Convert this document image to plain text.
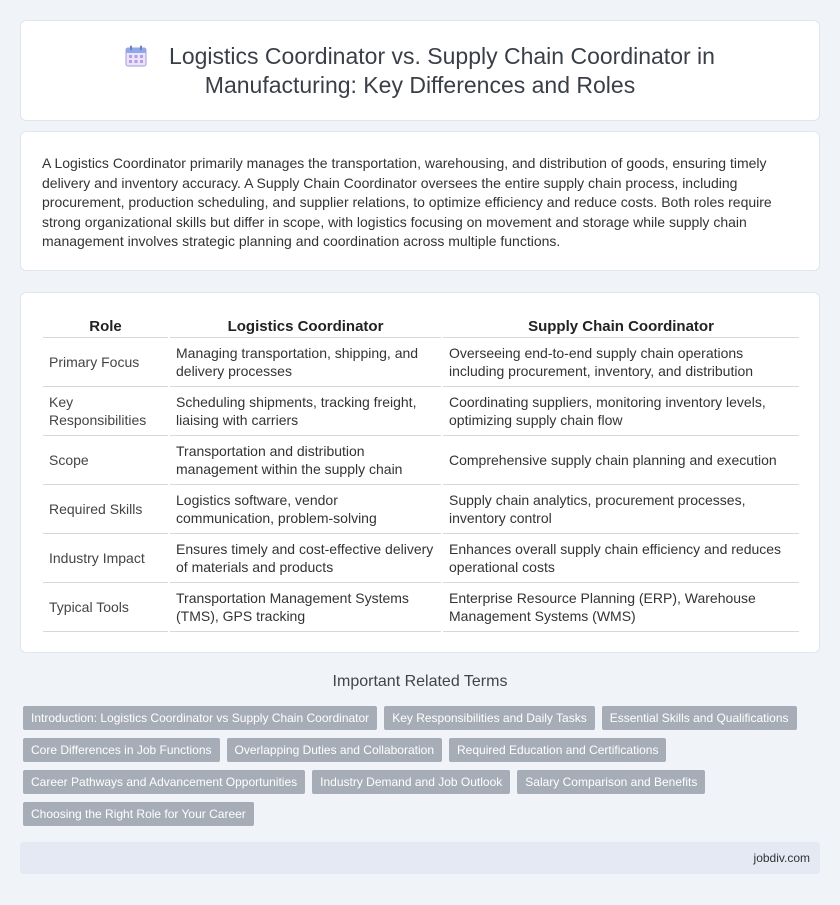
Logistics Coordinator vs. Supply Chain Coordinator in Manufacturing: Key Differences and Roles

A Logistics Coordinator primarily manages the transportation, warehousing, and distribution of goods, ensuring timely delivery and inventory accuracy. A Supply Chain Coordinator oversees the entire supply chain process, including procurement, production scheduling, and supplier relations, to optimize efficiency and reduce costs. Both roles require strong organizational skills but differ in scope, with logistics focusing on movement and storage while supply chain management involves strategic planning and coordination across multiple functions.

Role	Logistics Coordinator	Supply Chain Coordinator
Primary Focus	Managing transportation, shipping, and delivery processes	Overseeing end-to-end supply chain operations including procurement, inventory, and distribution
Key Responsibilities	Scheduling shipments, tracking freight, liaising with carriers	Coordinating suppliers, monitoring inventory levels, optimizing supply chain flow
Scope	Transportation and distribution management within the supply chain	Comprehensive supply chain planning and execution
Required Skills	Logistics software, vendor communication, problem-solving	Supply chain analytics, procurement processes, inventory control
Industry Impact	Ensures timely and cost-effective delivery of materials and products	Enhances overall supply chain efficiency and reduces operational costs
Typical Tools	Transportation Management Systems (TMS), GPS tracking	Enterprise Resource Planning (ERP), Warehouse Management Systems (WMS)
Important Related Terms
Introduction: Logistics Coordinator vs Supply Chain Coordinator	Key Responsibilities and Daily Tasks	Essential Skills and Qualifications
Core Differences in Job Functions	Overlapping Duties and Collaboration	Required Education and Certifications
Career Pathways and Advancement Opportunities	Industry Demand and Job Outlook	Salary Comparison and Benefits
Choosing the Right Role for Your Career
jobdiv.com
